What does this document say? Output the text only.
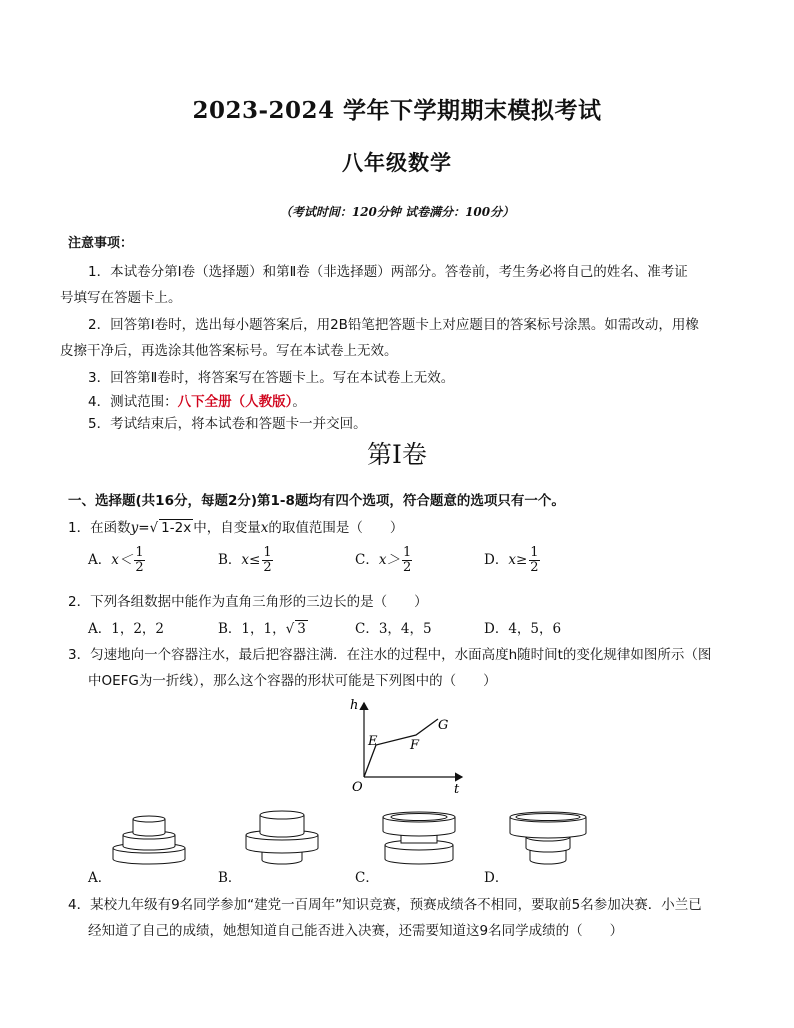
2023-2024 学年下学期期末模拟考试
八年级数学
（考试时间：120分钟 试卷满分：100分）
注意事项：
1．本试卷分第Ⅰ卷（选择题）和第Ⅱ卷（非选择题）两部分。答卷前，考生务必将自己的姓名、准考证
号填写在答题卡上。
2．回答第Ⅰ卷时，选出每小题答案后，用2B铅笔把答题卡上对应题目的答案标号涂黑。如需改动，用橡
皮擦干净后，再选涂其他答案标号。写在本试卷上无效。
3．回答第Ⅱ卷时，将答案写在答题卡上。写在本试卷上无效。
4．测试范围：八下全册（人教版）。
5．考试结束后，将本试卷和答题卡一并交回。
第Ⅰ卷
一、选择题(共16分，每题2分)第1-8题均有四个选项，符合题意的选项只有一个。
1．在函数y=√ 1-2x 中，自变量x的取值范围是（　　）
A．$x< \frac{1}{2}$	B．$x\le \frac{1}{2}$	C．$x> \frac{1}{2}$	D．$x\ge \frac{1}{2}$
2．下列各组数据中能作为直角三角形的三边长的是（　　）
A．1，2，2	B．1，1，√ 3	C．3，4，5	D．4，5，6
3．匀速地向一个容器注水，最后把容器注满．在注水的过程中，水面高度h随时间t的变化规律如图所示（图
中OEFG为一折线），那么这个容器的形状可能是下列图中的（　　）
h
t
O
E	F
G
A．	B．	C．	D．
4．某校九年级有9名同学参加“建党一百周年”知识竞赛，预赛成绩各不相同，要取前5名参加决赛．小兰已
经知道了自己的成绩，她想知道自己能否进入决赛，还需要知道这9名同学成绩的（　　）
